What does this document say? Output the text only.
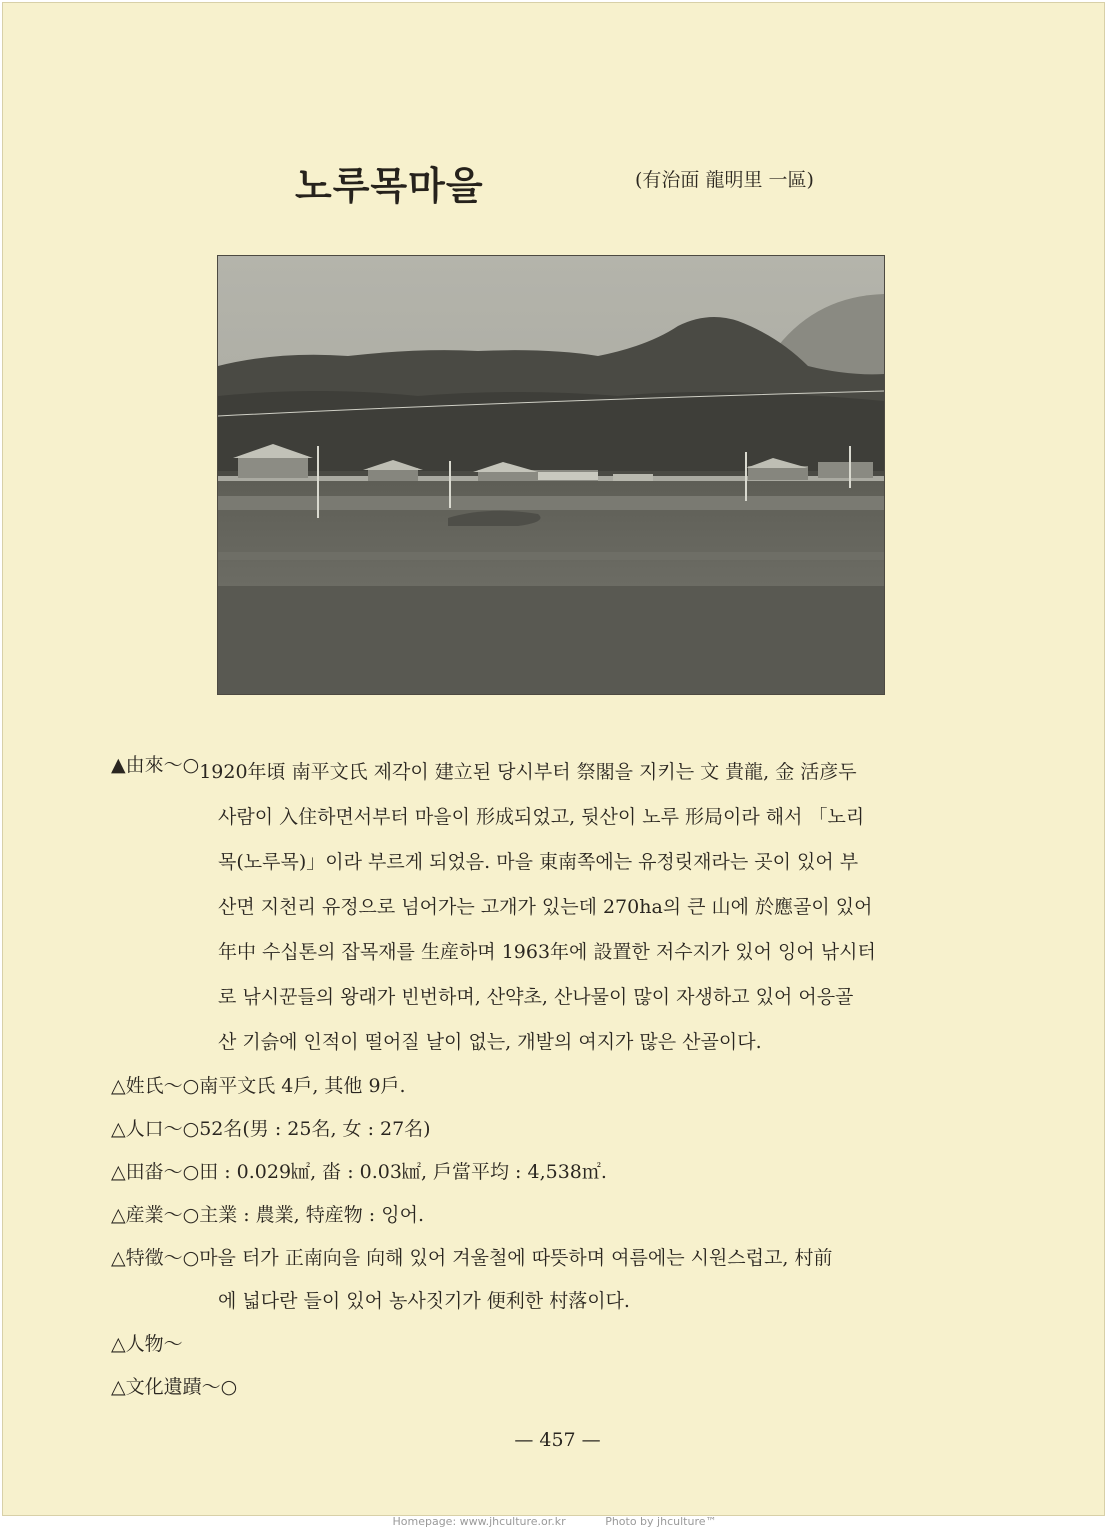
노루목마을	(有治面 龍明里 一區)
▲由來～○ 1920年頃 南平文氏 제각이 建立된 당시부터 祭閣을 지키는 文 貴龍, 金 活彦두

사람이 入住하면서부터 마을이 形成되었고, 뒷산이 노루 形局이라 해서 「노리

목(노루목)」이라 부르게 되었음. 마을 東南쪽에는 유정릿재라는 곳이 있어 부

산면 지천리 유정으로 넘어가는 고개가 있는데 270ha의 큰 山에 於應골이 있어

年中 수십톤의 잡목재를 生産하며 1963年에 設置한 저수지가 있어 잉어 낚시터

로 낚시꾼들의 왕래가 빈번하며, 산약초, 산나물이 많이 자생하고 있어 어응골

산 기슭에 인적이 떨어질 날이 없는, 개발의 여지가 많은 산골이다.

△姓氏～○ 南平文氏 4戶, 其他 9戶.
△人口～○ 52名(男 : 25名, 女 : 27名)
△田畓～○ 田 : 0.029㎢, 畓 : 0.03㎢, 戶當平均 : 4,538㎡.
△産業～○ 主業 : 農業, 特産物 : 잉어.
△特徵～○ 마을 터가 正南向을 向해 있어 겨울철에 따뜻하며 여름에는 시원스럽고, 村前
에 넓다란 들이 있어 농사짓기가 便利한 村落이다.
△人物～
△文化遺蹟～○
— 457 —
Homepage: www.jhculture.or.kr	Photo by jhculture™
